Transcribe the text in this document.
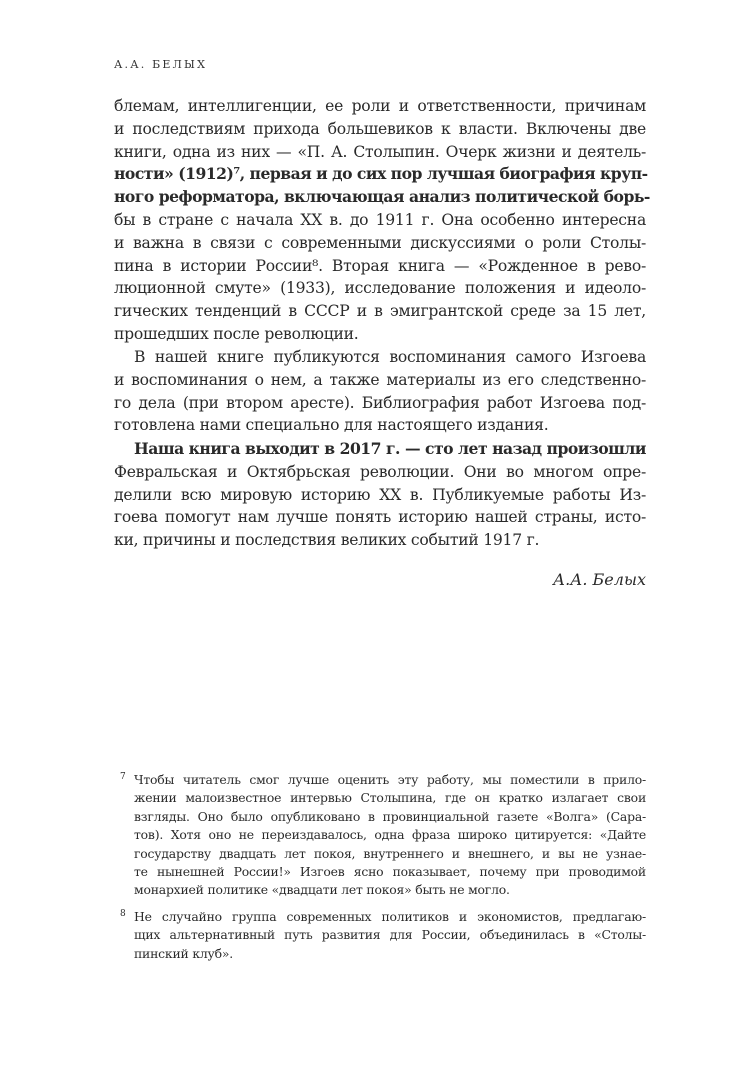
А.А. БЕЛЫХ
блемам, интеллигенции, ее роли и ответственности, причинам
и последствиям прихода большевиков к власти. Включены две
книги, одна из них — «П. А. Столыпин. Очерк жизни и деятель-
ности» (1912)⁷, первая и до сих пор лучшая биография круп-
ного реформатора, включающая анализ политической борь-
бы в стране с начала XX в. до 1911 г. Она особенно интересна
и важна в связи с современными дискуссиями о роли Столы-
пина в истории России⁸. Вторая книга — «Рожденное в рево-
люционной смуте» (1933), исследование положения и идеоло-
гических тенденций в СССР и в эмигрантской среде за 15 лет,
прошедших после революции.
В нашей книге публикуются воспоминания самого Изгоева
и воспоминания о нем, а также материалы из его следственно-
го дела (при втором аресте). Библиография работ Изгоева под-
готовлена нами специально для настоящего издания.
Наша книга выходит в 2017 г. — сто лет назад произошли
Февральская и Октябрьская революции. Они во многом опре-
делили всю мировую историю XX в. Публикуемые работы Из-
гоева помогут нам лучше понять историю нашей страны, исто-
ки, причины и последствия великих событий 1917 г.
А.А. Белых
7 Чтобы читатель смог лучше оценить эту работу, мы поместили в прило-
жении малоизвестное интервью Столыпина, где он кратко излагает свои
взгляды. Оно было опубликовано в провинциальной газете «Волга» (Сара-
тов). Хотя оно не переиздавалось, одна фраза широко цитируется: «Дайте
государству двадцать лет покоя, внутреннего и внешнего, и вы не узнае-
те нынешней России!» Изгоев ясно показывает, почему при проводимой
монархией политике «двадцати лет покоя» быть не могло.
8 Не случайно группа современных политиков и экономистов, предлагаю-
щих альтернативный путь развития для России, объединилась в «Столы-
пинский клуб».
